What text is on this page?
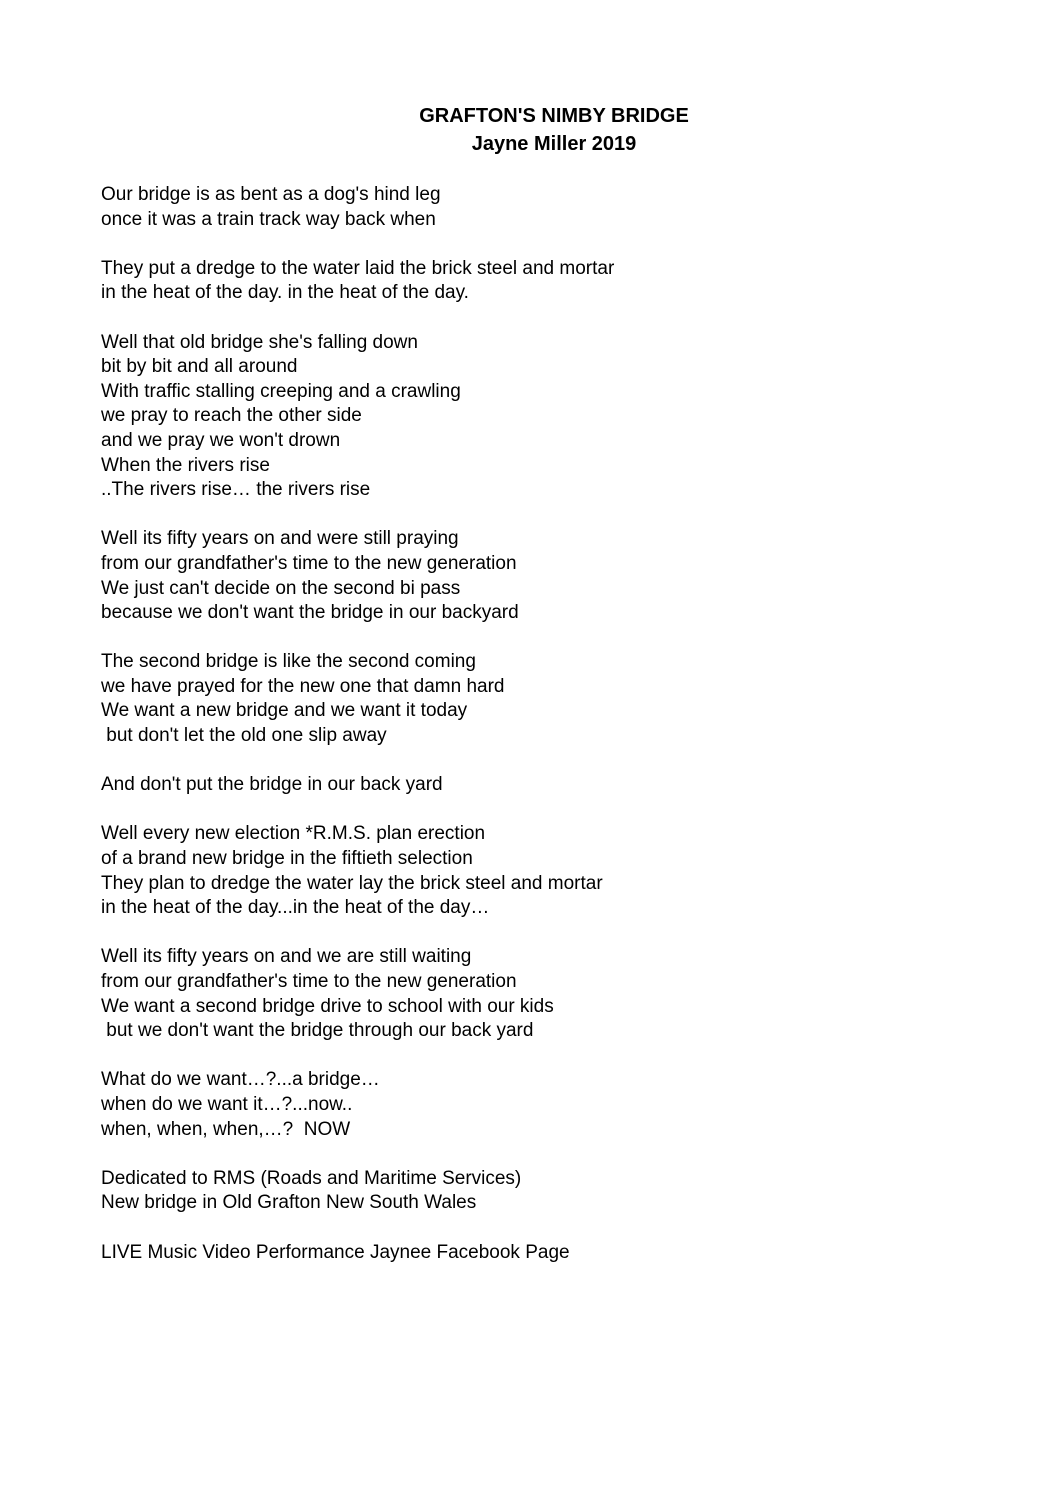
GRAFTON'S NIMBY BRIDGE
Jayne Miller 2019
Our bridge is as bent as a dog's hind leg
once it was a train track way back when
They put a dredge to the water laid the brick steel and mortar
in the heat of the day. in the heat of the day.
Well that old bridge she's falling down
bit by bit and all around
With traffic stalling creeping and a crawling
we pray to reach the other side
and we pray we won't drown
When the rivers rise
..The rivers rise… the rivers rise
Well its fifty years on and were still praying
from our grandfather's time to the new generation
We just can't decide on the second bi pass
because we don't want the bridge in our backyard
The second bridge is like the second coming
we have prayed for the new one that damn hard
We want a new bridge and we want it today
but don't let the old one slip away
And don't put the bridge in our back yard
Well every new election *R.M.S. plan erection
of a brand new bridge in the fiftieth selection
They plan to dredge the water lay the brick steel and mortar
in the heat of the day...in the heat of the day…
Well its fifty years on and we are still waiting
from our grandfather's time to the new generation
We want a second bridge drive to school with our kids
but we don't want the bridge through our back yard
What do we want…?...a bridge…
when do we want it…?...now..
when, when, when,…?  NOW
Dedicated to RMS (Roads and Maritime Services)
New bridge in Old Grafton New South Wales
LIVE Music Video Performance Jaynee Facebook Page
